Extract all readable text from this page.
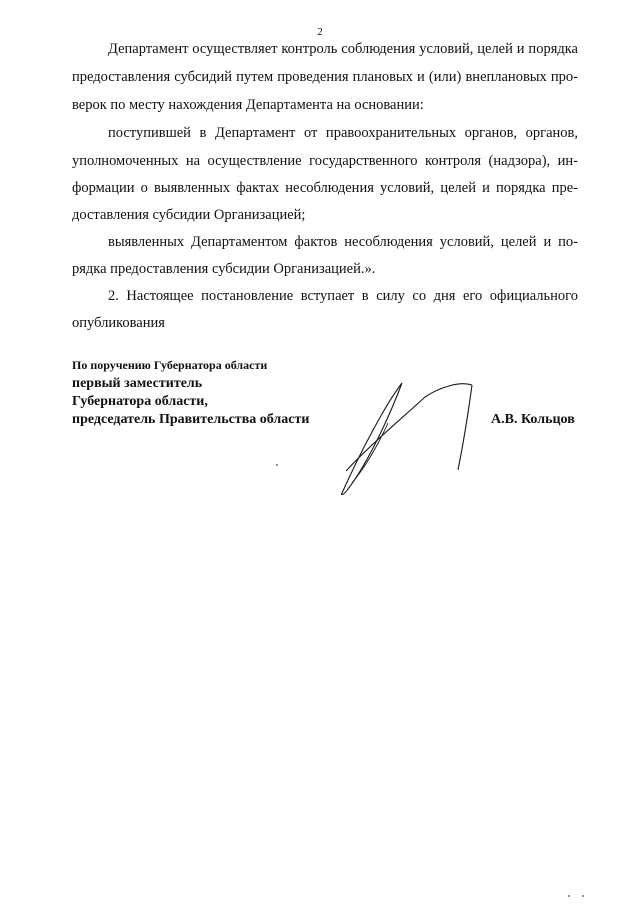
2
Департамент осуществляет контроль соблюдения условий, целей и порядка
предоставления субсидий путем проведения плановых и (или) внеплановых про-
верок по месту нахождения Департамента на основании:
поступившей в Департамент от правоохранительных органов, органов,
уполномоченных на осуществление государственного контроля (надзора), ин-
формации о выявленных фактах несоблюдения условий, целей и порядка пре-
доставления субсидии Организацией;
выявленных Департаментом фактов несоблюдения условий, целей и по-
рядка предоставления субсидии Организацией.».
2. Настоящее постановление вступает в силу со дня его официального
опубликования
По поручению Губернатора области
первый заместитель
Губернатора области,
председатель Правительства области	А.В. Кольцов
